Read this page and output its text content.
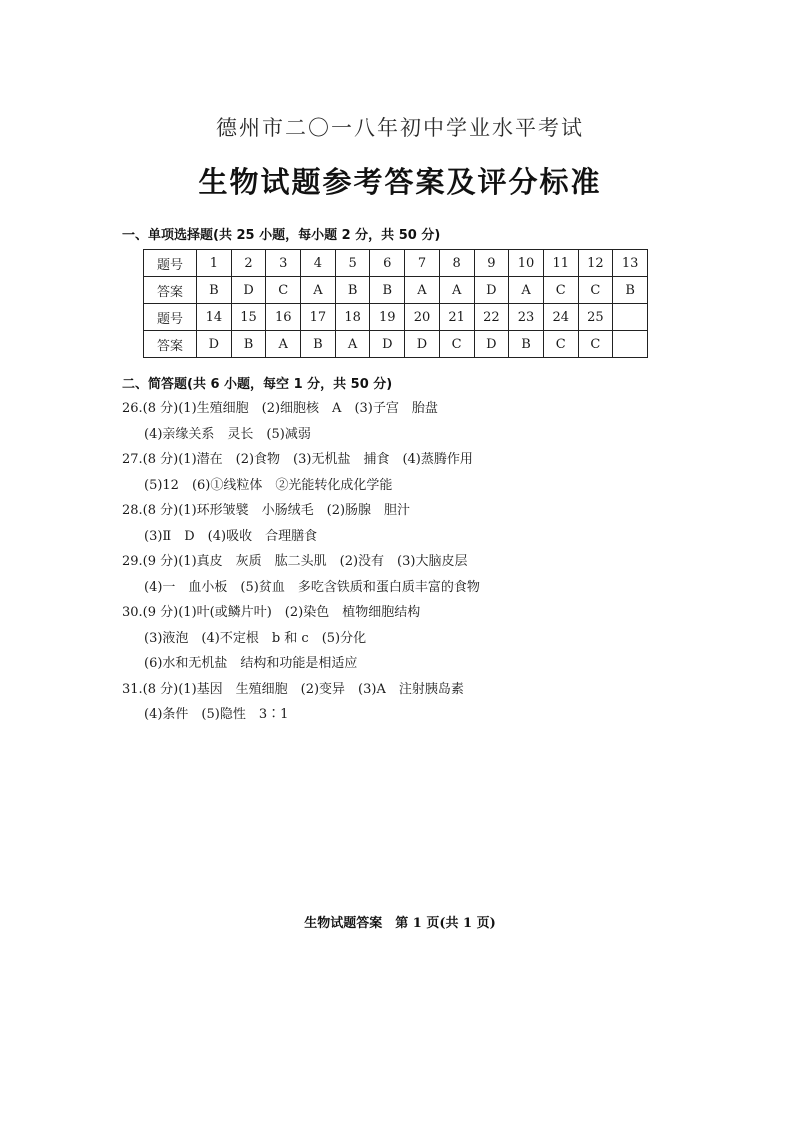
德州市二〇一八年初中学业水平考试
生物试题参考答案及评分标准
一、单项选择题(共 25 小题，每小题 2 分，共 50 分)
题号	1	2	3	4	5	6	7	8	9	10	11	12	13
答案	B	D	C	A	B	B	A	A	D	A	C	C	B
题号	14	15	16	17	18	19	20	21	22	23	24	25	
答案	D	B	A	B	A	D	D	C	D	B	C	C	
二、简答题(共 6 小题，每空 1 分，共 50 分)
26.(8 分)(1)生殖细胞　(2)细胞核　A　(3)子宫　胎盘
(4)亲缘关系　灵长　(5)减弱
27.(8 分)(1)潜在　(2)食物　(3)无机盐　捕食　(4)蒸腾作用
(5)12　(6)①线粒体　②光能转化成化学能
28.(8 分)(1)环形皱襞　小肠绒毛　(2)肠腺　胆汁
(3)Ⅱ　D　(4)吸收　合理膳食
29.(9 分)(1)真皮　灰质　肱二头肌　(2)没有　(3)大脑皮层
(4)一　血小板　(5)贫血　多吃含铁质和蛋白质丰富的食物
30.(9 分)(1)叶(或鳞片叶)　(2)染色　植物细胞结构
(3)液泡　(4)不定根　b 和 c　(5)分化
(6)水和无机盐　结构和功能是相适应
31.(8 分)(1)基因　生殖细胞　(2)变异　(3)A　注射胰岛素
(4)条件　(5)隐性　3∶1
生物试题答案　第 1 页(共 1 页)
